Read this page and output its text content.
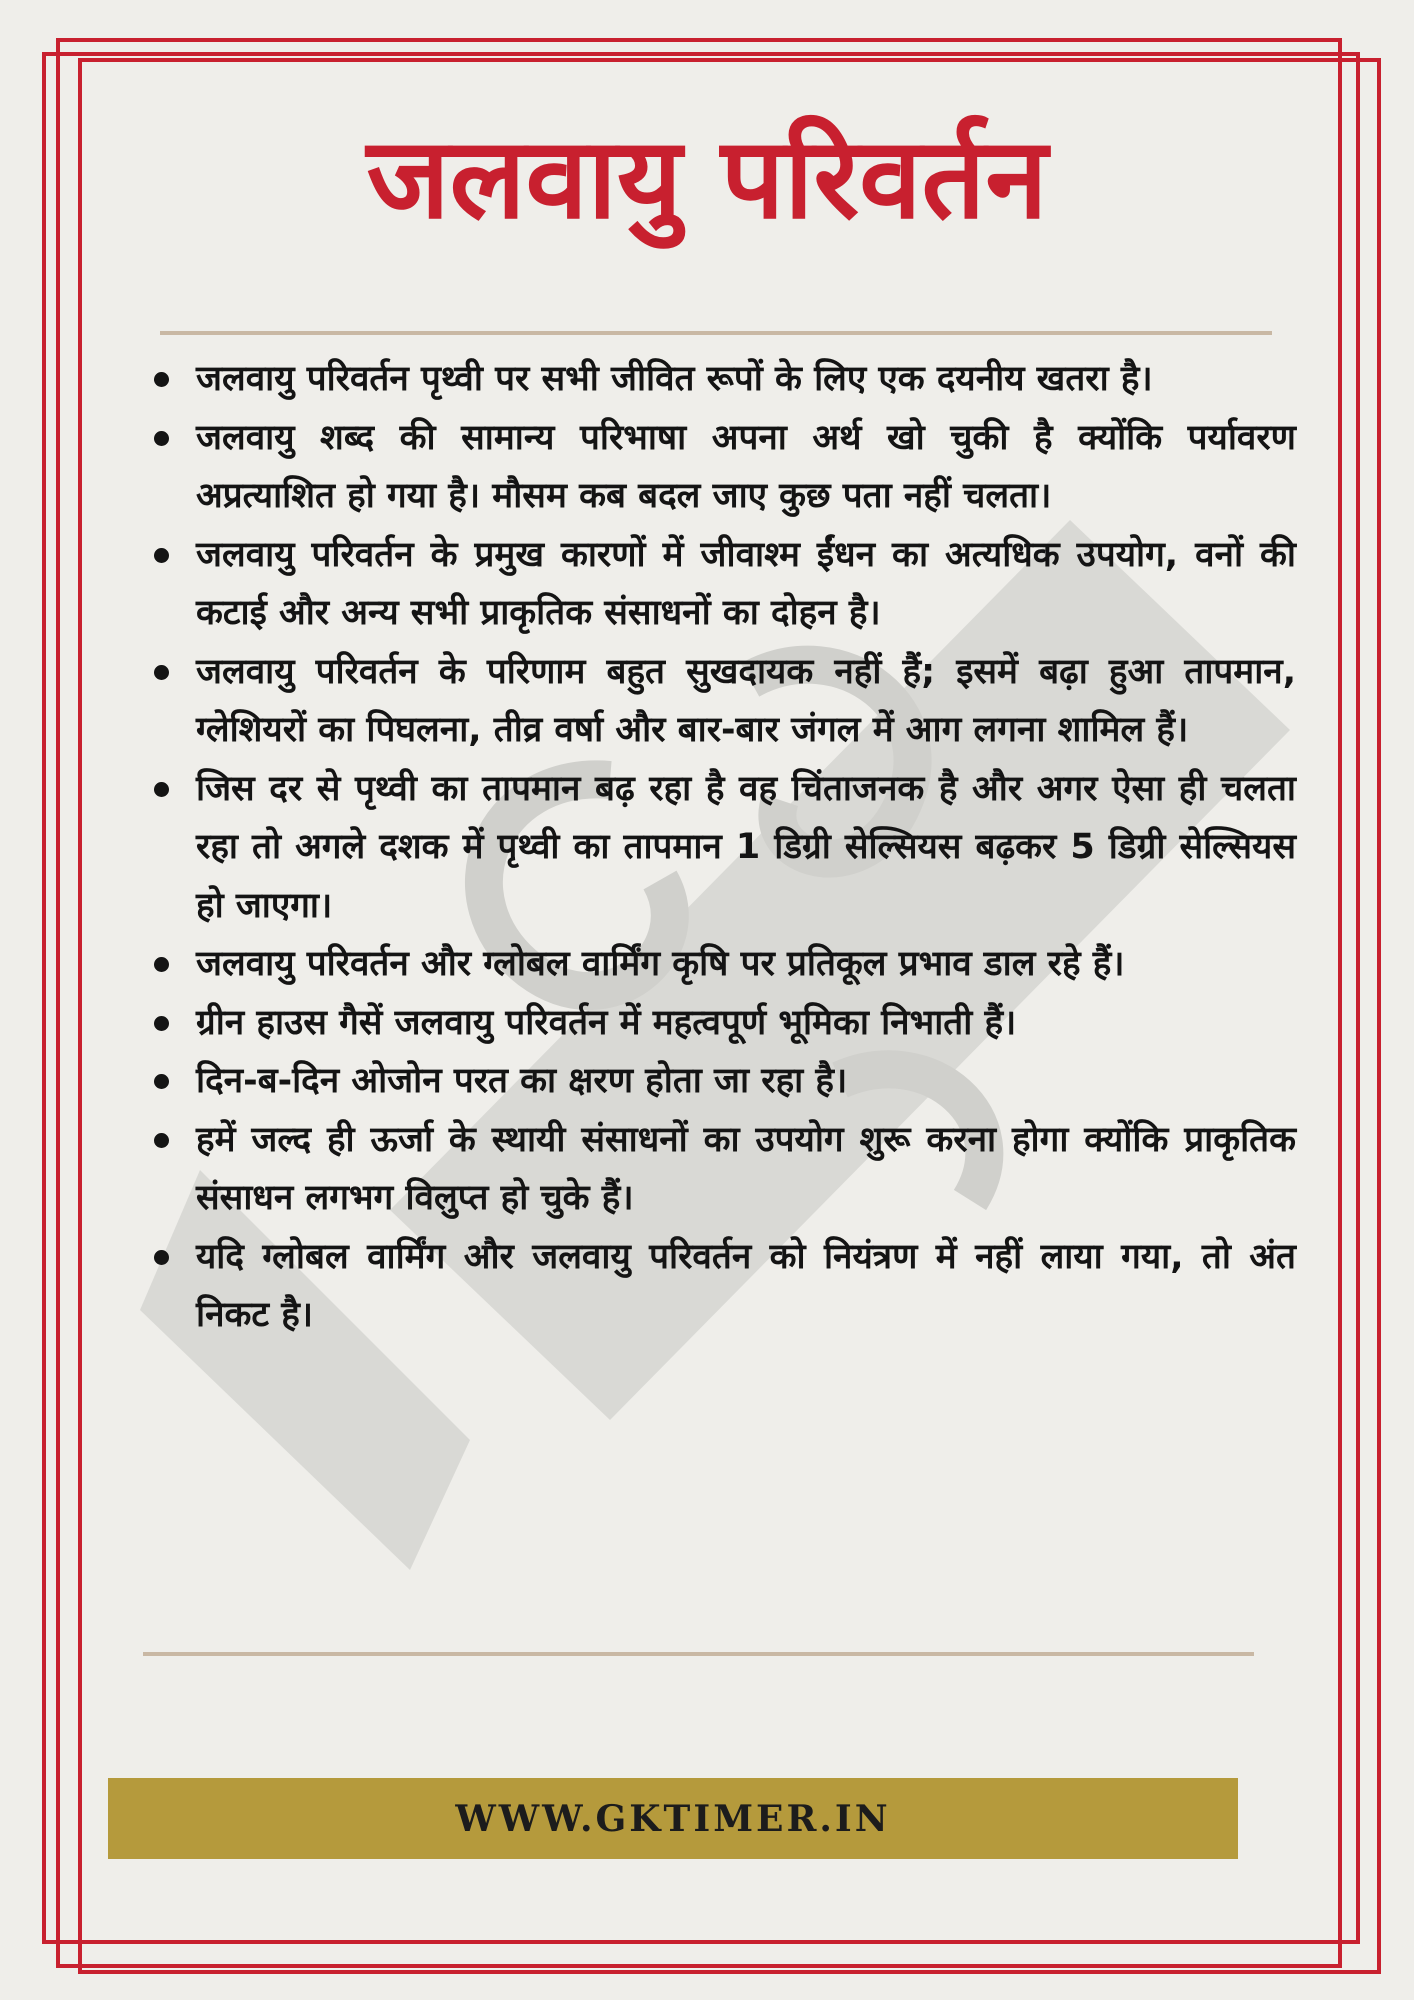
जलवायु परिवर्तन
जलवायु परिवर्तन पृथ्वी पर सभी जीवित रूपों के लिए एक दयनीय खतरा है।
जलवायु शब्द की सामान्य परिभाषा अपना अर्थ खो चुकी है क्योंकि पर्यावरण अप्रत्याशित हो गया है। मौसम कब बदल जाए कुछ पता नहीं चलता।
जलवायु परिवर्तन के प्रमुख कारणों में जीवाश्म ईंधन का अत्यधिक उपयोग, वनों की कटाई और अन्य सभी प्राकृतिक संसाधनों का दोहन है।
जलवायु परिवर्तन के परिणाम बहुत सुखदायक नहीं हैं; इसमें बढ़ा हुआ तापमान, ग्लेशियरों का पिघलना, तीव्र वर्षा और बार-बार जंगल में आग लगना शामिल हैं।
जिस दर से पृथ्वी का तापमान बढ़ रहा है वह चिंताजनक है और अगर ऐसा ही चलता रहा तो अगले दशक में पृथ्वी का तापमान 1 डिग्री सेल्सियस बढ़कर 5 डिग्री सेल्सियस हो जाएगा।
जलवायु परिवर्तन और ग्लोबल वार्मिंग कृषि पर प्रतिकूल प्रभाव डाल रहे हैं।
ग्रीन हाउस गैसें जलवायु परिवर्तन में महत्वपूर्ण भूमिका निभाती हैं।
दिन-ब-दिन ओजोन परत का क्षरण होता जा रहा है।
हमें जल्द ही ऊर्जा के स्थायी संसाधनों का उपयोग शुरू करना होगा क्योंकि प्राकृतिक संसाधन लगभग विलुप्त हो चुके हैं।
यदि ग्लोबल वार्मिंग और जलवायु परिवर्तन को नियंत्रण में नहीं लाया गया, तो अंत निकट है।
WWW.GKTIMER.IN
